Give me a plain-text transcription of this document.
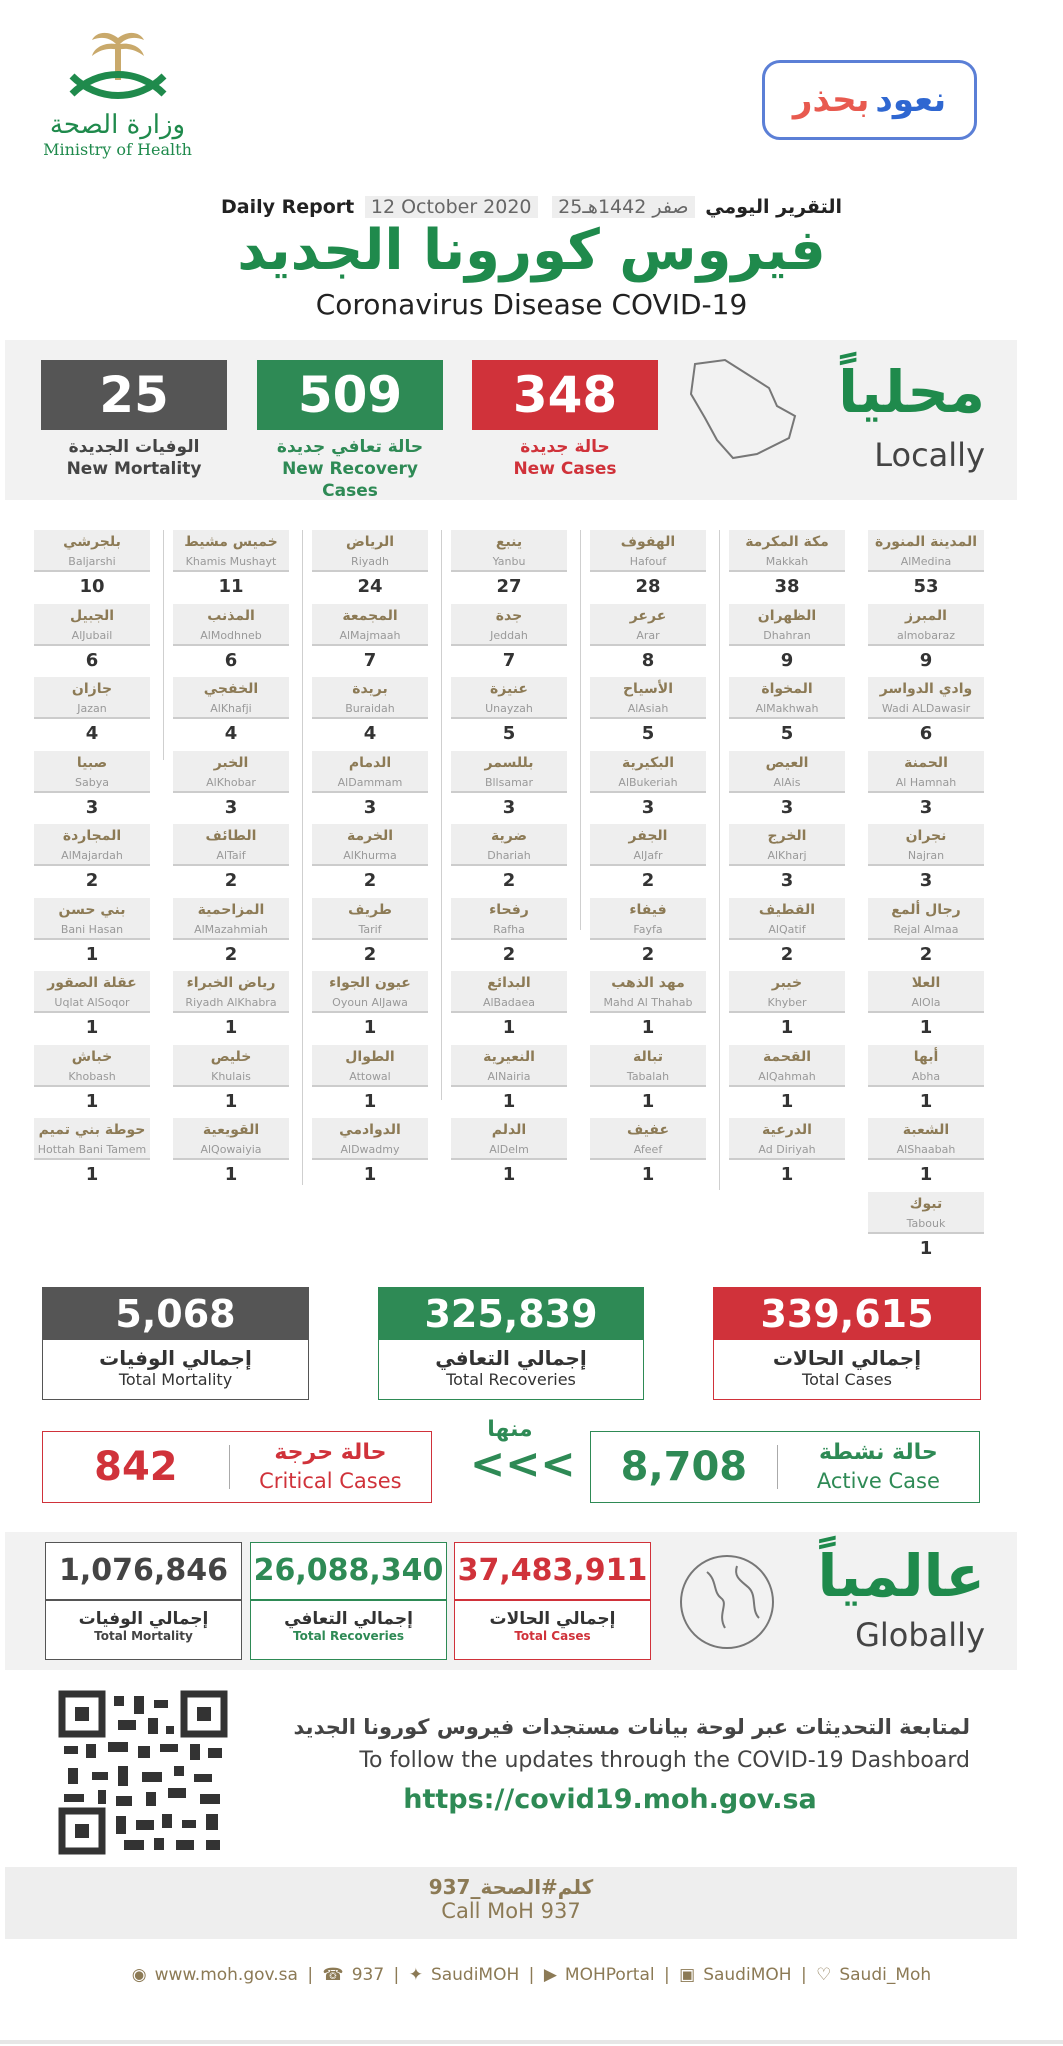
وزارة الصحة
Ministry of Health
بحذر نعود
Daily Report 12 October 2020 25صفر 1442هـ التقرير اليومي
فيروس كورونا الجديد
Coronavirus Disease COVID-19
25
الوفيات الجديدة
New Mortality
509
حالة تعافي جديدة
New Recovery Cases
348
حالة جديدة
New Cases
محلياً
Locally
المدينة المنورة
AlMedina
53
مكة المكرمة
Makkah
38
الهفوف
Hafouf
28
ينبع
Yanbu
27
الرياض
Riyadh
24
خميس مشيط
Khamis Mushayt
11
بلجرشي
Baljarshi
10
المبرز
almobaraz
9
الظهران
Dhahran
9
عرعر
Arar
8
جدة
Jeddah
7
المجمعة
AlMajmaah
7
المذنب
AlModhneb
6
الجبيل
AlJubail
6
وادي الدواسر
Wadi ALDawasir
6
المخواة
AlMakhwah
5
الأسياح
AlAsiah
5
عنيزة
Unayzah
5
بريدة
Buraidah
4
الخفجي
AlKhafji
4
جازان
Jazan
4
الحمنة
Al Hamnah
3
العيص
AlAis
3
البكيرية
AlBukeriah
3
بللسمر
Bllsamar
3
الدمام
AlDammam
3
الخبر
AlKhobar
3
صبيا
Sabya
3
نجران
Najran
3
الخرج
AlKharj
3
الجفر
AlJafr
2
ضرية
Dhariah
2
الخرمة
AlKhurma
2
الطائف
AlTaif
2
المجاردة
AlMajardah
2
رجال ألمع
Rejal Almaa
2
القطيف
AlQatif
2
فيفاء
Fayfa
2
رفحاء
Rafha
2
طريف
Tarif
2
المزاحمية
AlMazahmiah
2
بني حسن
Bani Hasan
1
العلا
AlOla
1
خيبر
Khyber
1
مهد الذهب
Mahd Al Thahab
1
البدائع
AlBadaea
1
عيون الجواء
Oyoun AlJawa
1
رياض الخبراء
Riyadh AlKhabra
1
عقلة الصقور
Uqlat AlSoqor
1
أبها
Abha
1
القحمة
AlQahmah
1
تبالة
Tabalah
1
النعيرية
AlNairia
1
الطوال
Attowal
1
خليص
Khulais
1
خباش
Khobash
1
الشعبة
AlShaabah
1
الدرعية
Ad Diriyah
1
عفيف
Afeef
1
الدلم
AlDelm
1
الدوادمي
AlDwadmy
1
القويعية
AlQowaiyia
1
حوطة بني تميم
Hottah Bani Tamem
1
تبوك
Tabouk
1
339,615
إجمالي الحالات
Total Cases
325,839
إجمالي التعافي
Total Recoveries
5,068
إجمالي الوفيات
Total Mortality
8,708	حالة نشطة
Active Case
منها
<<<
842	حالة حرجة
Critical Cases
37,483,911
إجمالي الحالات
Total Cases
26,088,340
إجمالي التعافي
Total Recoveries
1,076,846
إجمالي الوفيات
Total Mortality
عالمياً
Globally
لمتابعة التحديثات عبر لوحة بيانات مستجدات فيروس كورونا الجديد
To follow the updates through the COVID-19 Dashboard
https://covid19.moh.gov.sa
كلم#الصحة_937
Call MoH 937
◉ www.moh.gov.sa | ☎ 937 | ✦ SaudiMOH | ▶ MOHPortal | ▣ SaudiMOH | ♡ Saudi_Moh
